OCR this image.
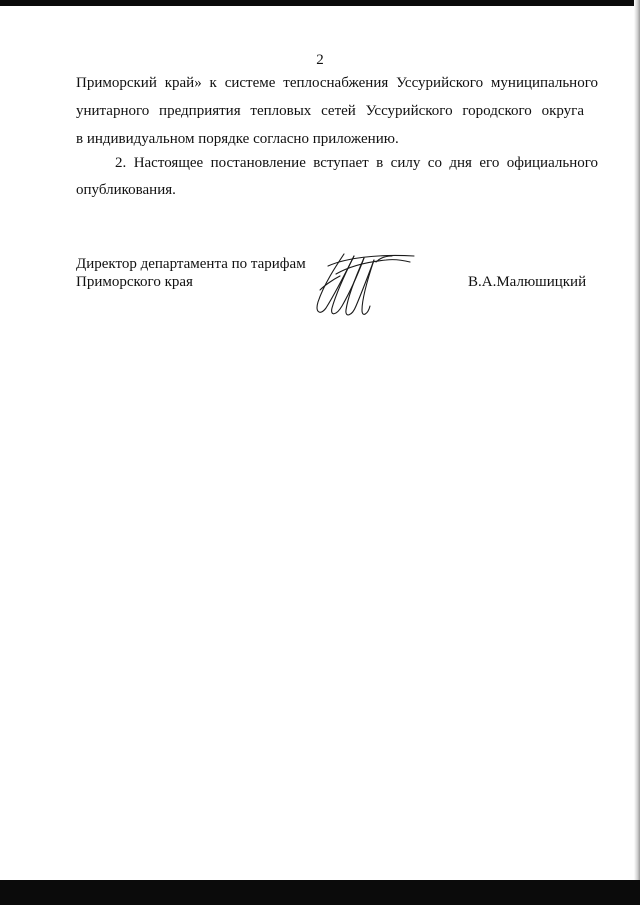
2
Приморский край» к системе теплоснабжения Уссурийского муниципального
унитарного предприятия тепловых сетей Уссурийского городского округа
в индивидуальном порядке согласно приложению.
2. Настоящее постановление вступает в силу со дня его официального
опубликования.
Директор департамента по тарифам
Приморского края	В.А.Малюшицкий
